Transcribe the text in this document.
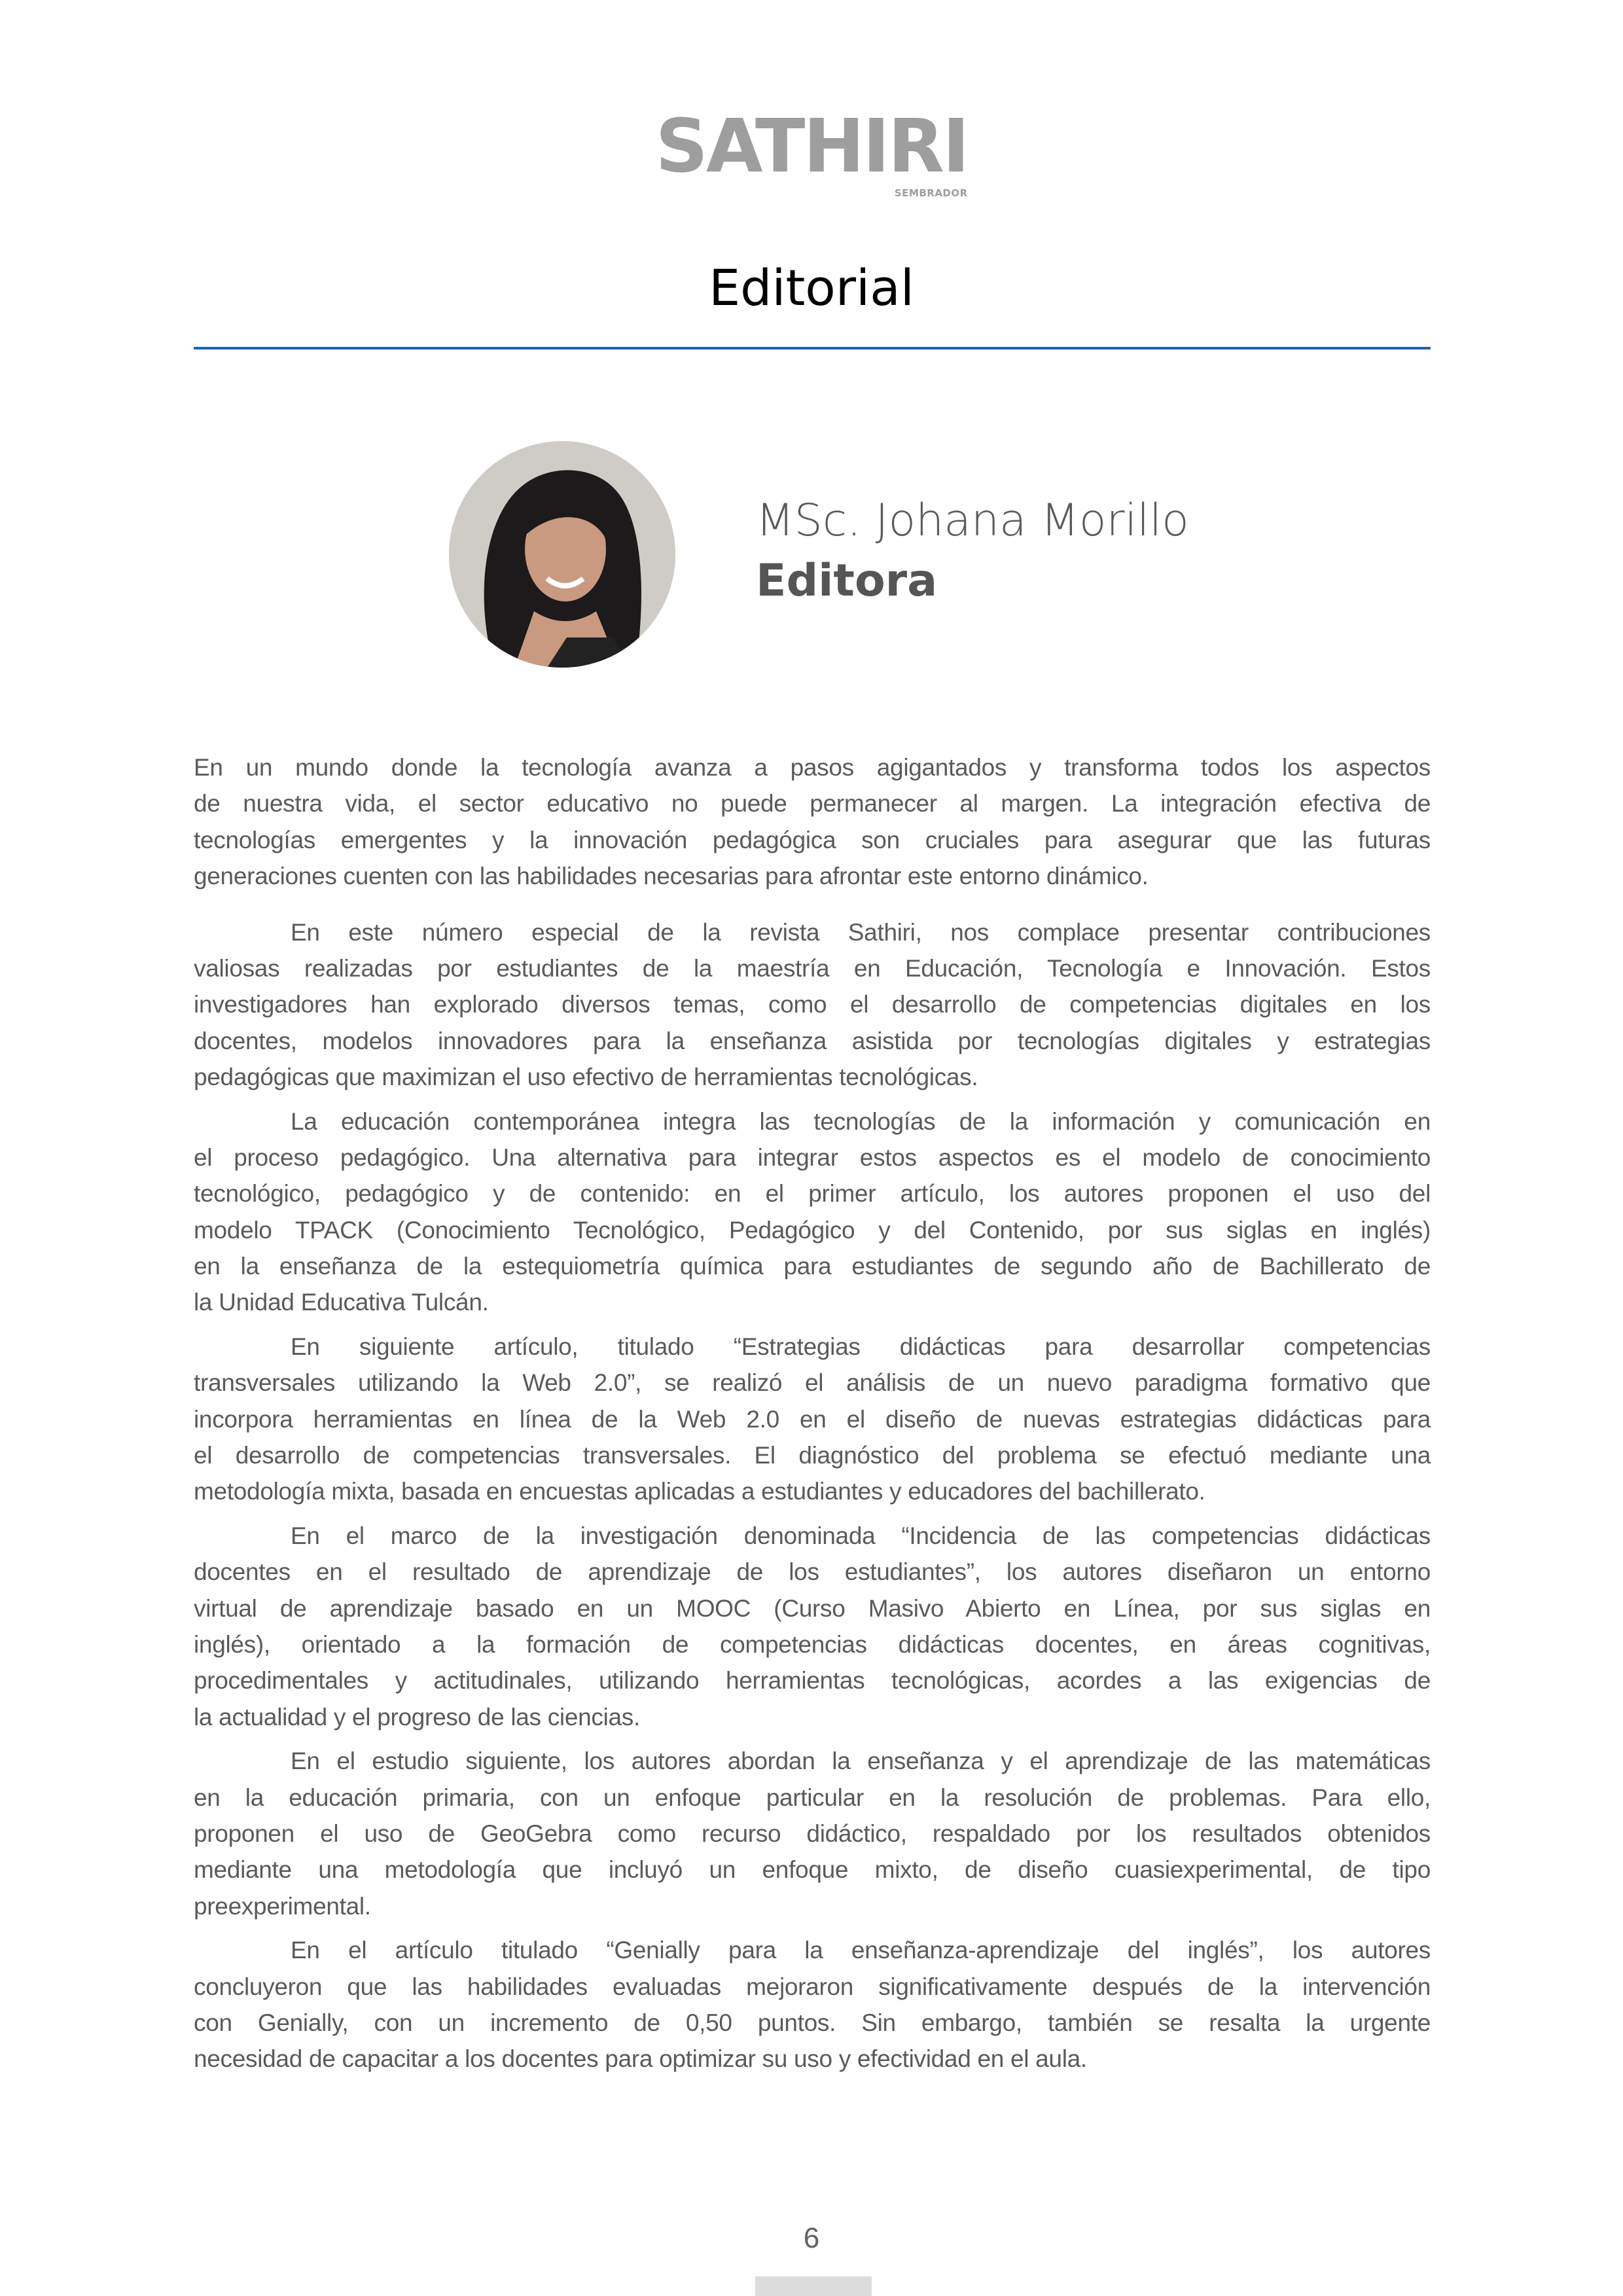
SATHIRI
SEMBRADOR
Editorial
MSc. Johana Morillo
Editora
En un mundo donde la tecnología avanza a pasos agigantados y transforma todos los aspectos
de nuestra vida, el sector educativo no puede permanecer al margen. La integración efectiva de
tecnologías emergentes y la innovación pedagógica son cruciales para asegurar que las futuras
generaciones cuenten con las habilidades necesarias para afrontar este entorno dinámico.
En este número especial de la revista Sathiri, nos complace presentar contribuciones
valiosas realizadas por estudiantes de la maestría en Educación, Tecnología e Innovación. Estos
investigadores han explorado diversos temas, como el desarrollo de competencias digitales en los
docentes, modelos innovadores para la enseñanza asistida por tecnologías digitales y estrategias
pedagógicas que maximizan el uso efectivo de herramientas tecnológicas.
La educación contemporánea integra las tecnologías de la información y comunicación en
el proceso pedagógico. Una alternativa para integrar estos aspectos es el modelo de conocimiento
tecnológico, pedagógico y de contenido: en el primer artículo, los autores proponen el uso del
modelo TPACK (Conocimiento Tecnológico, Pedagógico y del Contenido, por sus siglas en inglés)
en la enseñanza de la estequiometría química para estudiantes de segundo año de Bachillerato de
la Unidad Educativa Tulcán.
En siguiente artículo, titulado “Estrategias didácticas para desarrollar competencias
transversales utilizando la Web 2.0”, se realizó el análisis de un nuevo paradigma formativo que
incorpora herramientas en línea de la Web 2.0 en el diseño de nuevas estrategias didácticas para
el desarrollo de competencias transversales. El diagnóstico del problema se efectuó mediante una
metodología mixta, basada en encuestas aplicadas a estudiantes y educadores del bachillerato.
En el marco de la investigación denominada “Incidencia de las competencias didácticas
docentes en el resultado de aprendizaje de los estudiantes”, los autores diseñaron un entorno
virtual de aprendizaje basado en un MOOC (Curso Masivo Abierto en Línea, por sus siglas en
inglés), orientado a la formación de competencias didácticas docentes, en áreas cognitivas,
procedimentales y actitudinales, utilizando herramientas tecnológicas, acordes a las exigencias de
la actualidad y el progreso de las ciencias.
En el estudio siguiente, los autores abordan la enseñanza y el aprendizaje de las matemáticas
en la educación primaria, con un enfoque particular en la resolución de problemas. Para ello,
proponen el uso de GeoGebra como recurso didáctico, respaldado por los resultados obtenidos
mediante una metodología que incluyó un enfoque mixto, de diseño cuasiexperimental, de tipo
preexperimental.
En el artículo titulado “Genially para la enseñanza-aprendizaje del inglés”, los autores
concluyeron que las habilidades evaluadas mejoraron significativamente después de la intervención
con Genially, con un incremento de 0,50 puntos. Sin embargo, también se resalta la urgente
necesidad de capacitar a los docentes para optimizar su uso y efectividad en el aula.
6
